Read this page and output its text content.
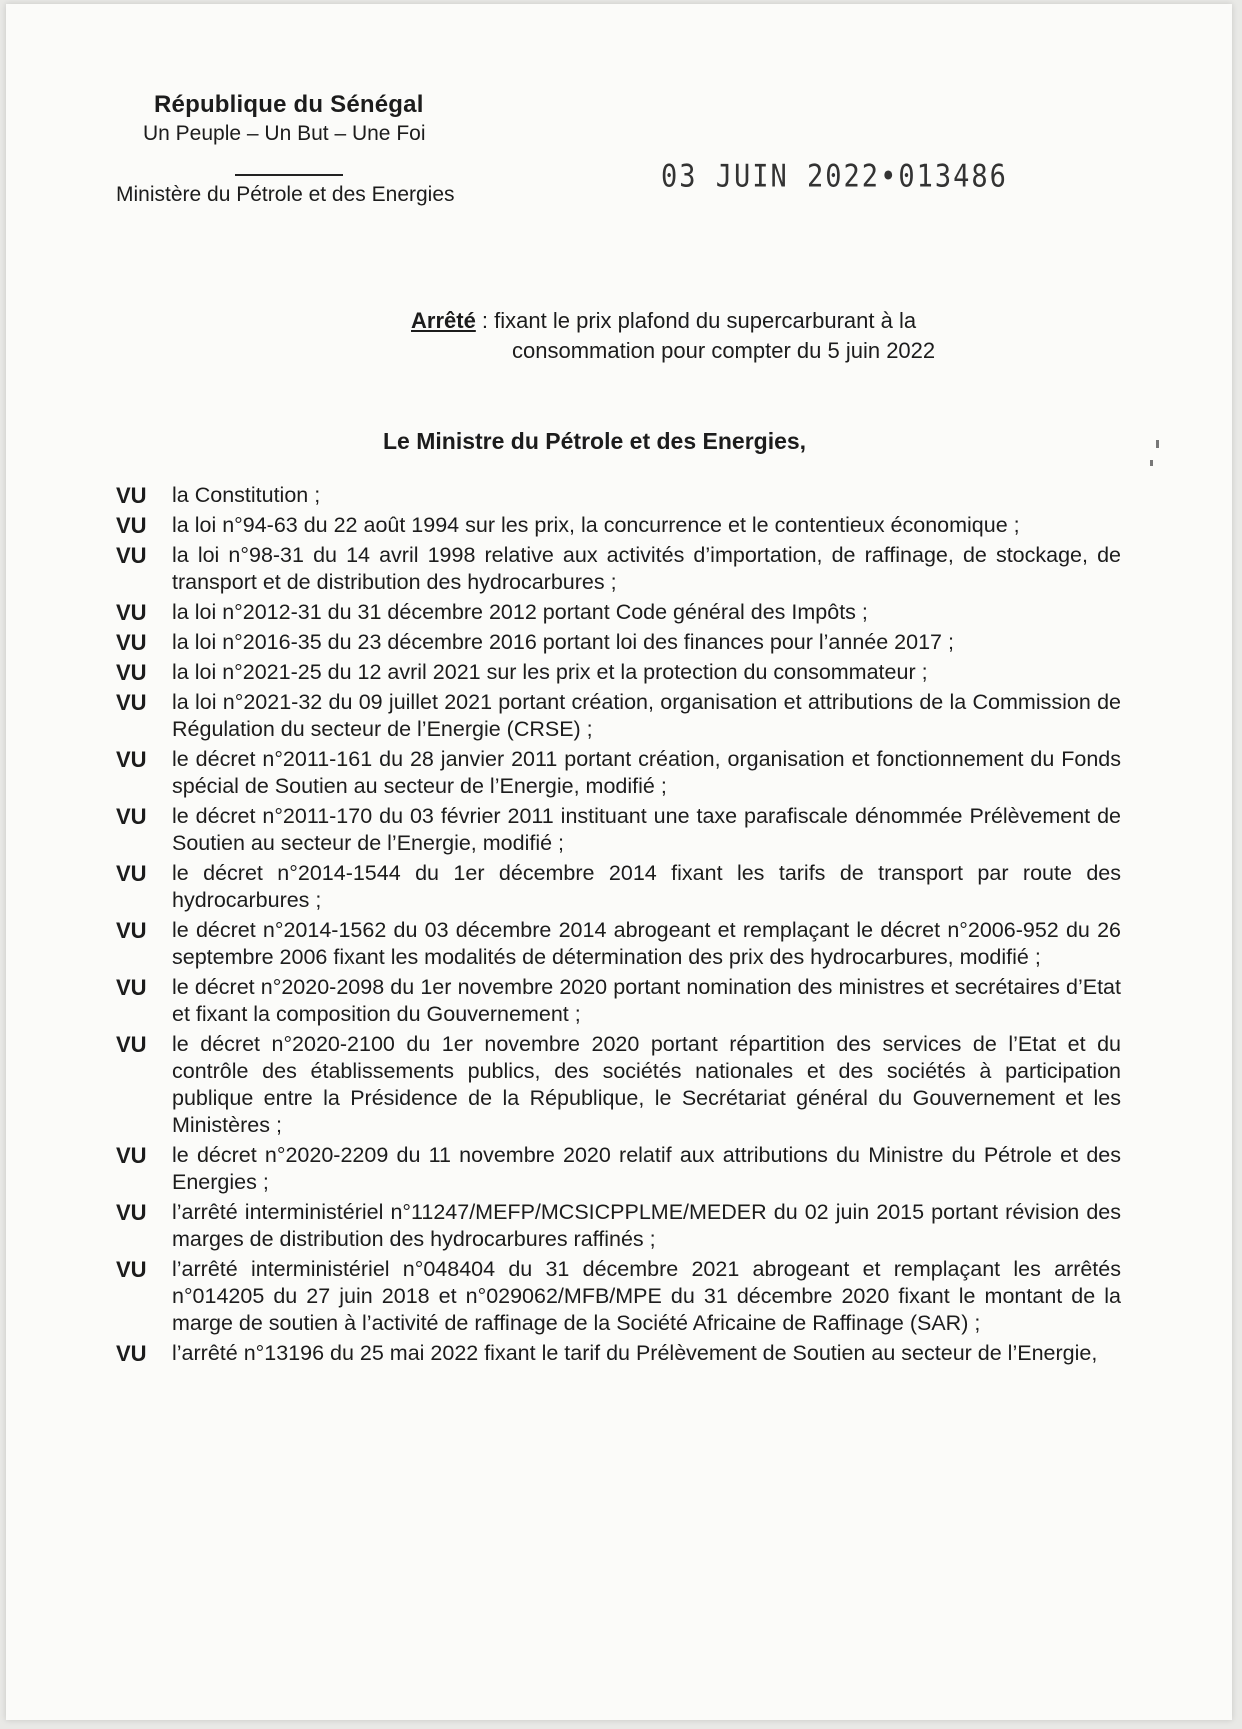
République du Sénégal
Un Peuple – Un But – Une Foi
Ministère du Pétrole et des Energies
03 JUIN 2022•013486
Arrêté : fixant le prix plafond du supercarburant à la
consommation pour compter du 5 juin 2022
Le Ministre du Pétrole et des Energies,
VU	la Constitution ;
VU	la loi n°94-63 du 22 août 1994 sur les prix, la concurrence et le contentieux économique ;
VU	la loi n°98-31 du 14 avril 1998 relative aux activités d’importation, de raffinage, de stockage, de transport et de distribution des hydrocarbures ;
VU	la loi n°2012-31 du 31 décembre 2012 portant Code général des Impôts ;
VU	la loi n°2016-35 du 23 décembre 2016 portant loi des finances pour l’année 2017 ;
VU	la loi n°2021-25 du 12 avril 2021 sur les prix et la protection du consommateur ;
VU	la loi n°2021-32 du 09 juillet 2021 portant création, organisation et attributions de la Commission de Régulation du secteur de l’Energie (CRSE) ;
VU	le décret n°2011-161 du 28 janvier 2011 portant création, organisation et fonctionnement du Fonds spécial de Soutien au secteur de l’Energie, modifié ;
VU	le décret n°2011-170 du 03 février 2011 instituant une taxe parafiscale dénommée Prélèvement de Soutien au secteur de l’Energie, modifié ;
VU	le décret n°2014-1544 du 1er décembre 2014 fixant les tarifs de transport par route des hydrocarbures ;
VU	le décret n°2014-1562 du 03 décembre 2014 abrogeant et remplaçant le décret n°2006-952 du 26 septembre 2006 fixant les modalités de détermination des prix des hydrocarbures, modifié ;
VU	le décret n°2020-2098 du 1er novembre 2020 portant nomination des ministres et secrétaires d’Etat et fixant la composition du Gouvernement ;
VU	le décret n°2020-2100 du 1er novembre 2020 portant répartition des services de l’Etat et du contrôle des établissements publics, des sociétés nationales et des sociétés à participation publique entre la Présidence de la République, le Secrétariat général du Gouvernement et les Ministères ;
VU	le décret n°2020-2209 du 11 novembre 2020 relatif aux attributions du Ministre du Pétrole et des Energies ;
VU	l’arrêté interministériel n°11247/MEFP/MCSICPPLME/MEDER du 02 juin 2015 portant révision des marges de distribution des hydrocarbures raffinés ;
VU	l’arrêté interministériel n°048404 du 31 décembre 2021 abrogeant et remplaçant les arrêtés n°014205 du 27 juin 2018 et n°029062/MFB/MPE du 31 décembre 2020 fixant le montant de la marge de soutien à l’activité de raffinage de la Société Africaine de Raffinage (SAR) ;
VU	l’arrêté n°13196 du 25 mai 2022 fixant le tarif du Prélèvement de Soutien au secteur de l’Energie,
